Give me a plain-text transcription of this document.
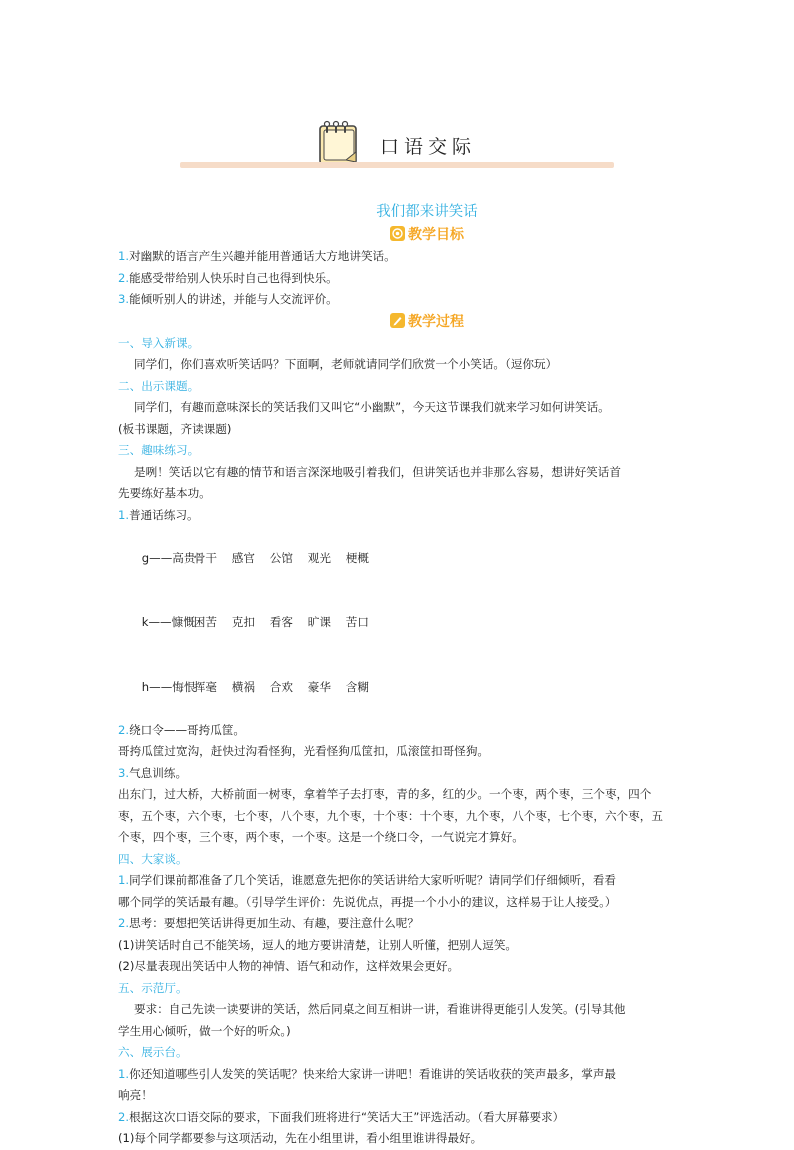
口语交际
我们都来讲笑话
教学目标

1.对幽默的语言产生兴趣并能用普通话大方地讲笑话。

2.能感受带给别人快乐时自己也得到快乐。

3.能倾听别人的讲述，并能与人交流评价。

教学过程

一、导入新课。

同学们，你们喜欢听笑话吗？下面啊，老师就请同学们欣赏一个小笑话。（逗你玩）

二、出示课题。

同学们，有趣而意味深长的笑话我们又叫它“小幽默”，今天这节课我们就来学习如何讲笑话。

(板书课题，齐读课题)

三、趣味练习。

是咧！笑话以它有趣的情节和语言深深地吸引着我们，但讲笑话也并非那么容易，想讲好笑话首

先要练好基本功。

1.普通话练习。

g——高贵骨干 感官 公馆 观光 梗概

k——慷慨困苦 克扣 看客 旷课 苦口

h——悔恨挥毫 横祸 合欢 豪华 含糊

2.绕口令——哥挎瓜筐。

哥挎瓜筐过宽沟，赶快过沟看怪狗，光看怪狗瓜筐扣，瓜滚筐扣哥怪狗。

3.气息训练。

出东门，过大桥，大桥前面一树枣，拿着竿子去打枣，青的多，红的少。一个枣，两个枣，三个枣，四个

枣，五个枣，六个枣，七个枣，八个枣，九个枣，十个枣：十个枣，九个枣，八个枣，七个枣，六个枣，五

个枣，四个枣，三个枣，两个枣，一个枣。这是一个绕口令，一气说完才算好。

四、大家谈。

1.同学们课前都准备了几个笑话，谁愿意先把你的笑话讲给大家听听呢？请同学们仔细倾听，看看

哪个同学的笑话最有趣。（引导学生评价：先说优点，再提一个小小的建议，这样易于让人接受。）

2.思考：要想把笑话讲得更加生动、有趣，要注意什么呢？

(1)讲笑话时自己不能笑场，逗人的地方要讲清楚，让别人听懂，把别人逗笑。

(2)尽量表现出笑话中人物的神情、语气和动作，这样效果会更好。

五、示范厅。

要求：自己先读一读要讲的笑话，然后同桌之间互相讲一讲，看谁讲得更能引人发笑。(引导其他

学生用心倾听，做一个好的听众。)

六、展示台。

1.你还知道哪些引人发笑的笑话呢？快来给大家讲一讲吧！看谁讲的笑话收获的笑声最多，掌声最

响亮！

2.根据这次口语交际的要求，下面我们班将进行“笑话大王”评选活动。（看大屏幕要求）

(1)每个同学都要参与这项活动，先在小组里讲，看小组里谁讲得最好。
